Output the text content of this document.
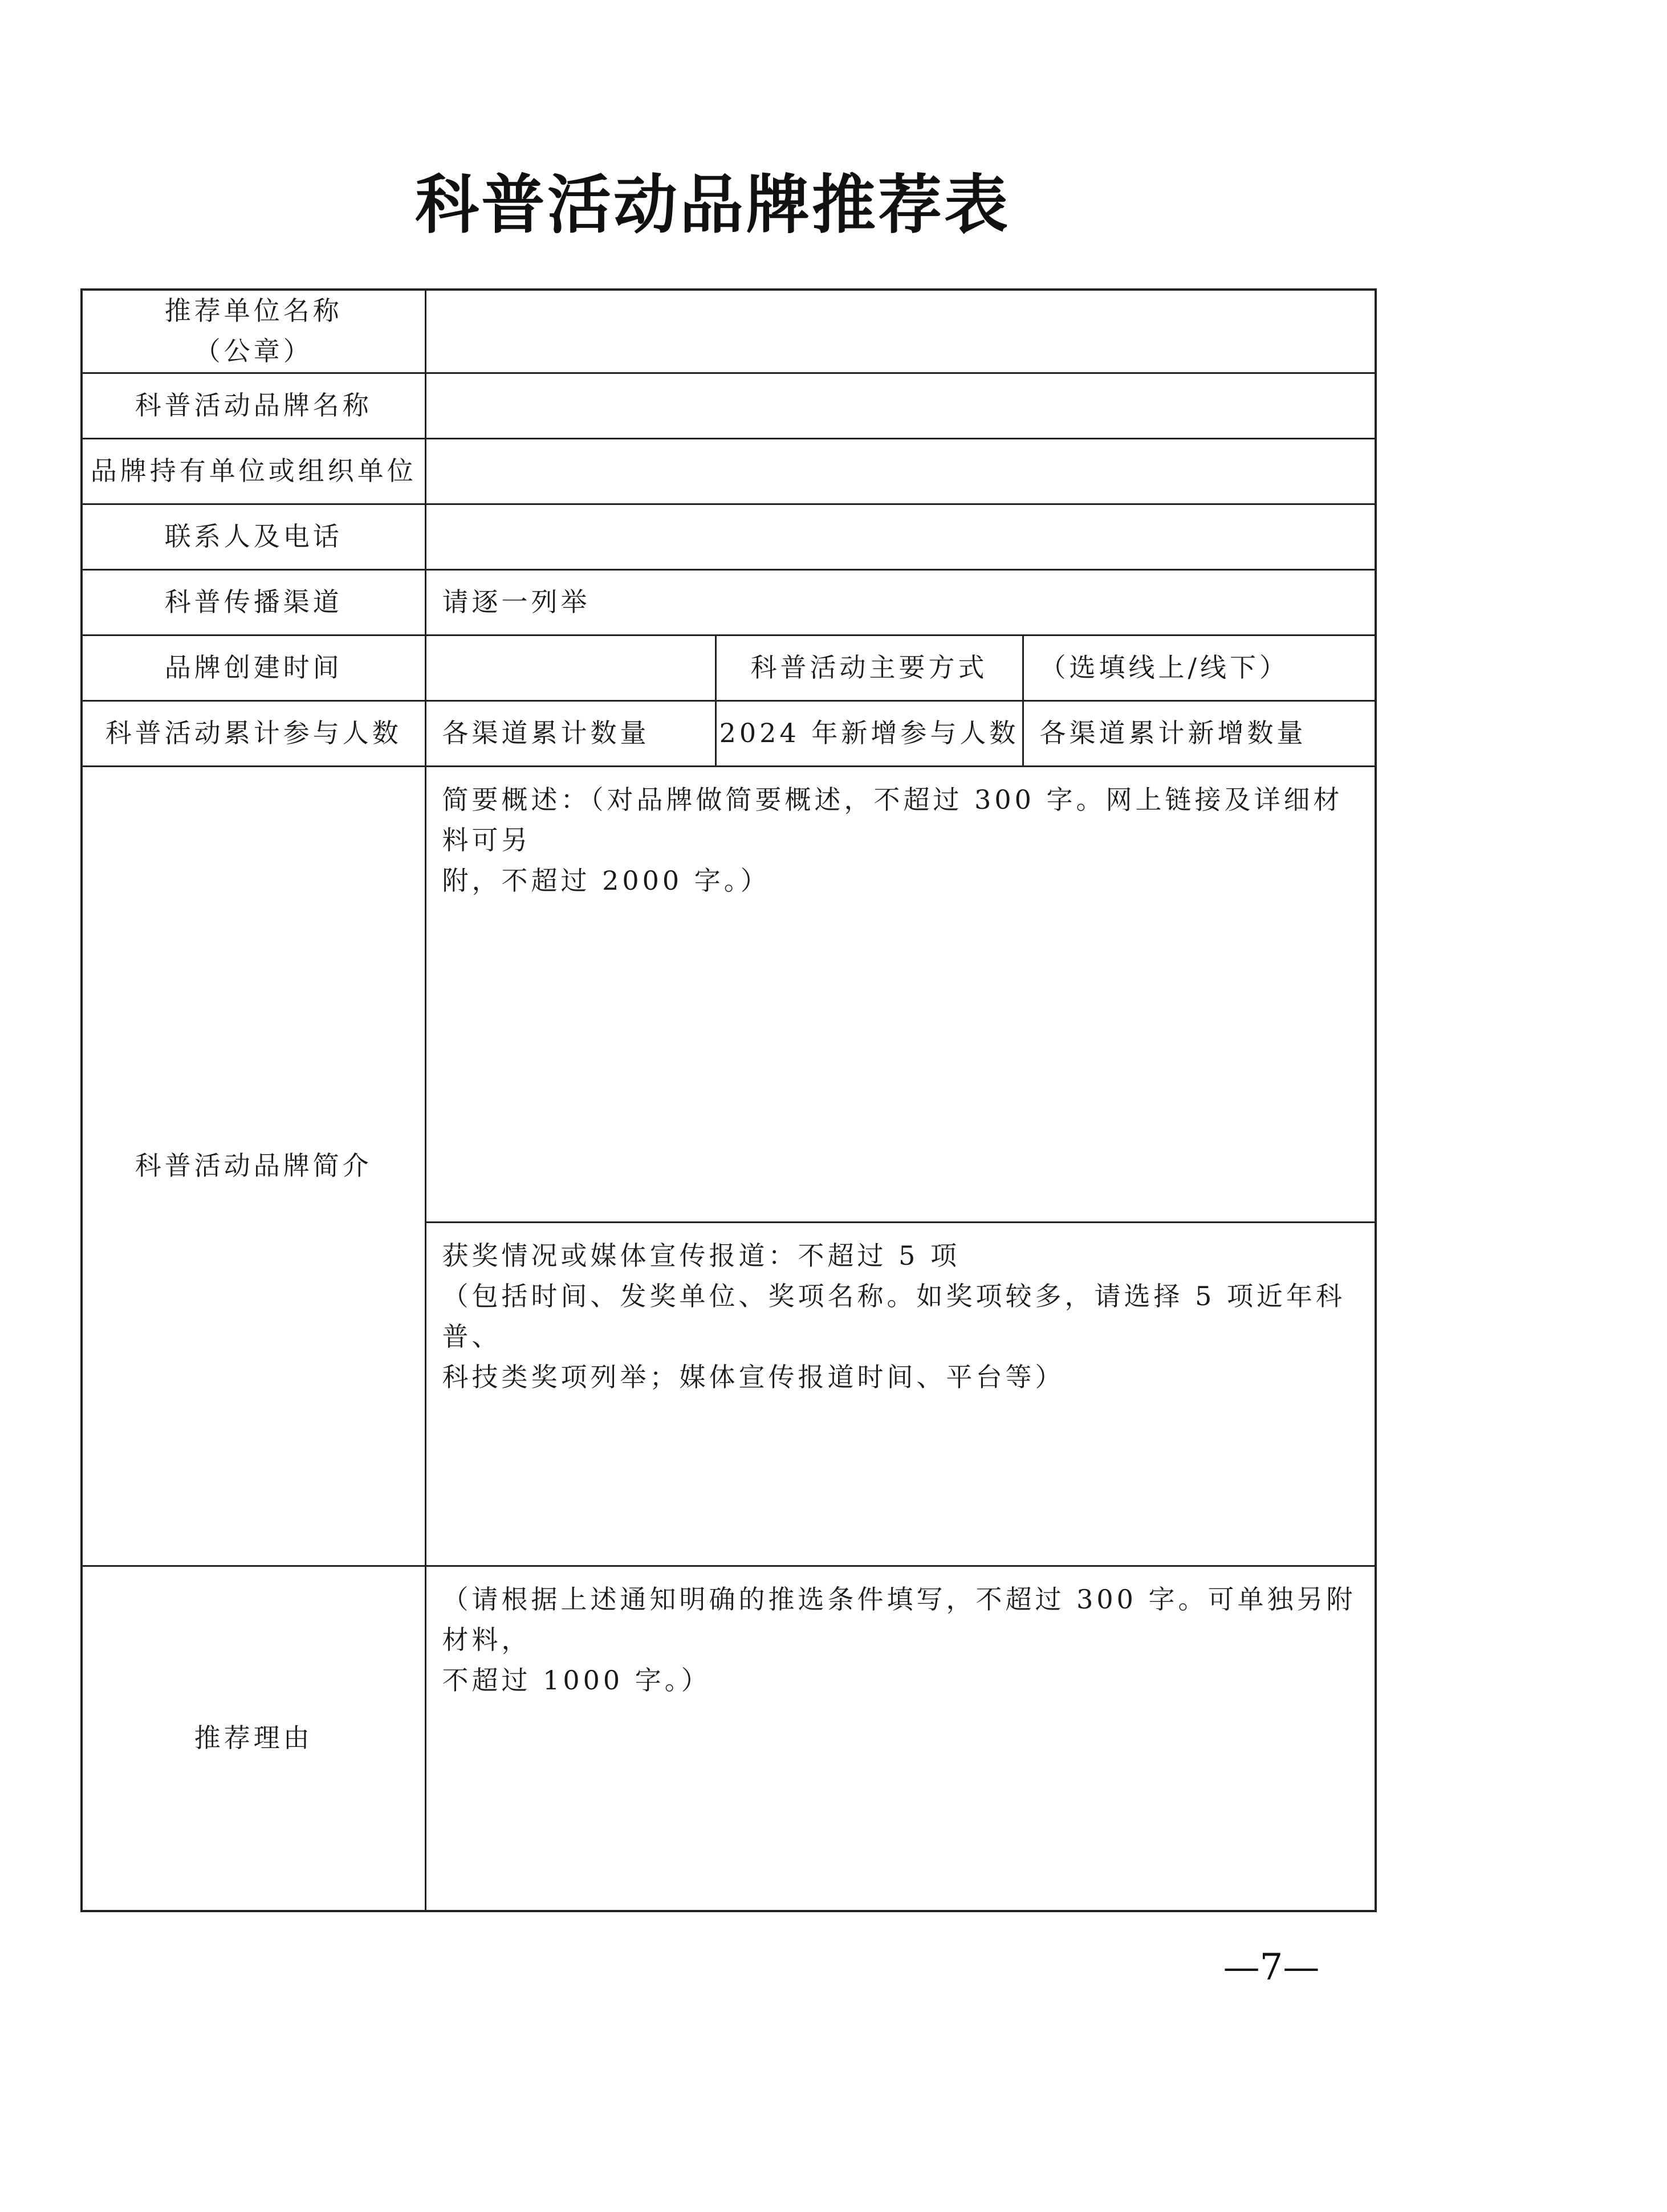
科普活动品牌推荐表
推荐单位名称
（公章）			

科普活动品牌名称			
品牌持有单位或组织单位			
联系人及电话			
科普传播渠道	请逐一列举		
品牌创建时间		科普活动主要方式	（选填线上/线下）
科普活动累计参与人数	各渠道累计数量	2024 年新增参与人数	各渠道累计新增数量
科普活动品牌简介	简要概述：（对品牌做简要概述，不超过 300 字。网上链接及详细材料可另
附，不超过 2000 字。）		

	获奖情况或媒体宣传报道：不超过 5 项
（包括时间、发奖单位、奖项名称。如奖项较多，请选择 5 项近年科普、
科技类奖项列举；媒体宣传报道时间、平台等）		

推荐理由	（请根据上述通知明确的推选条件填写，不超过 300 字。可单独另附材料，
不超过 1000 字。）		
—7—
